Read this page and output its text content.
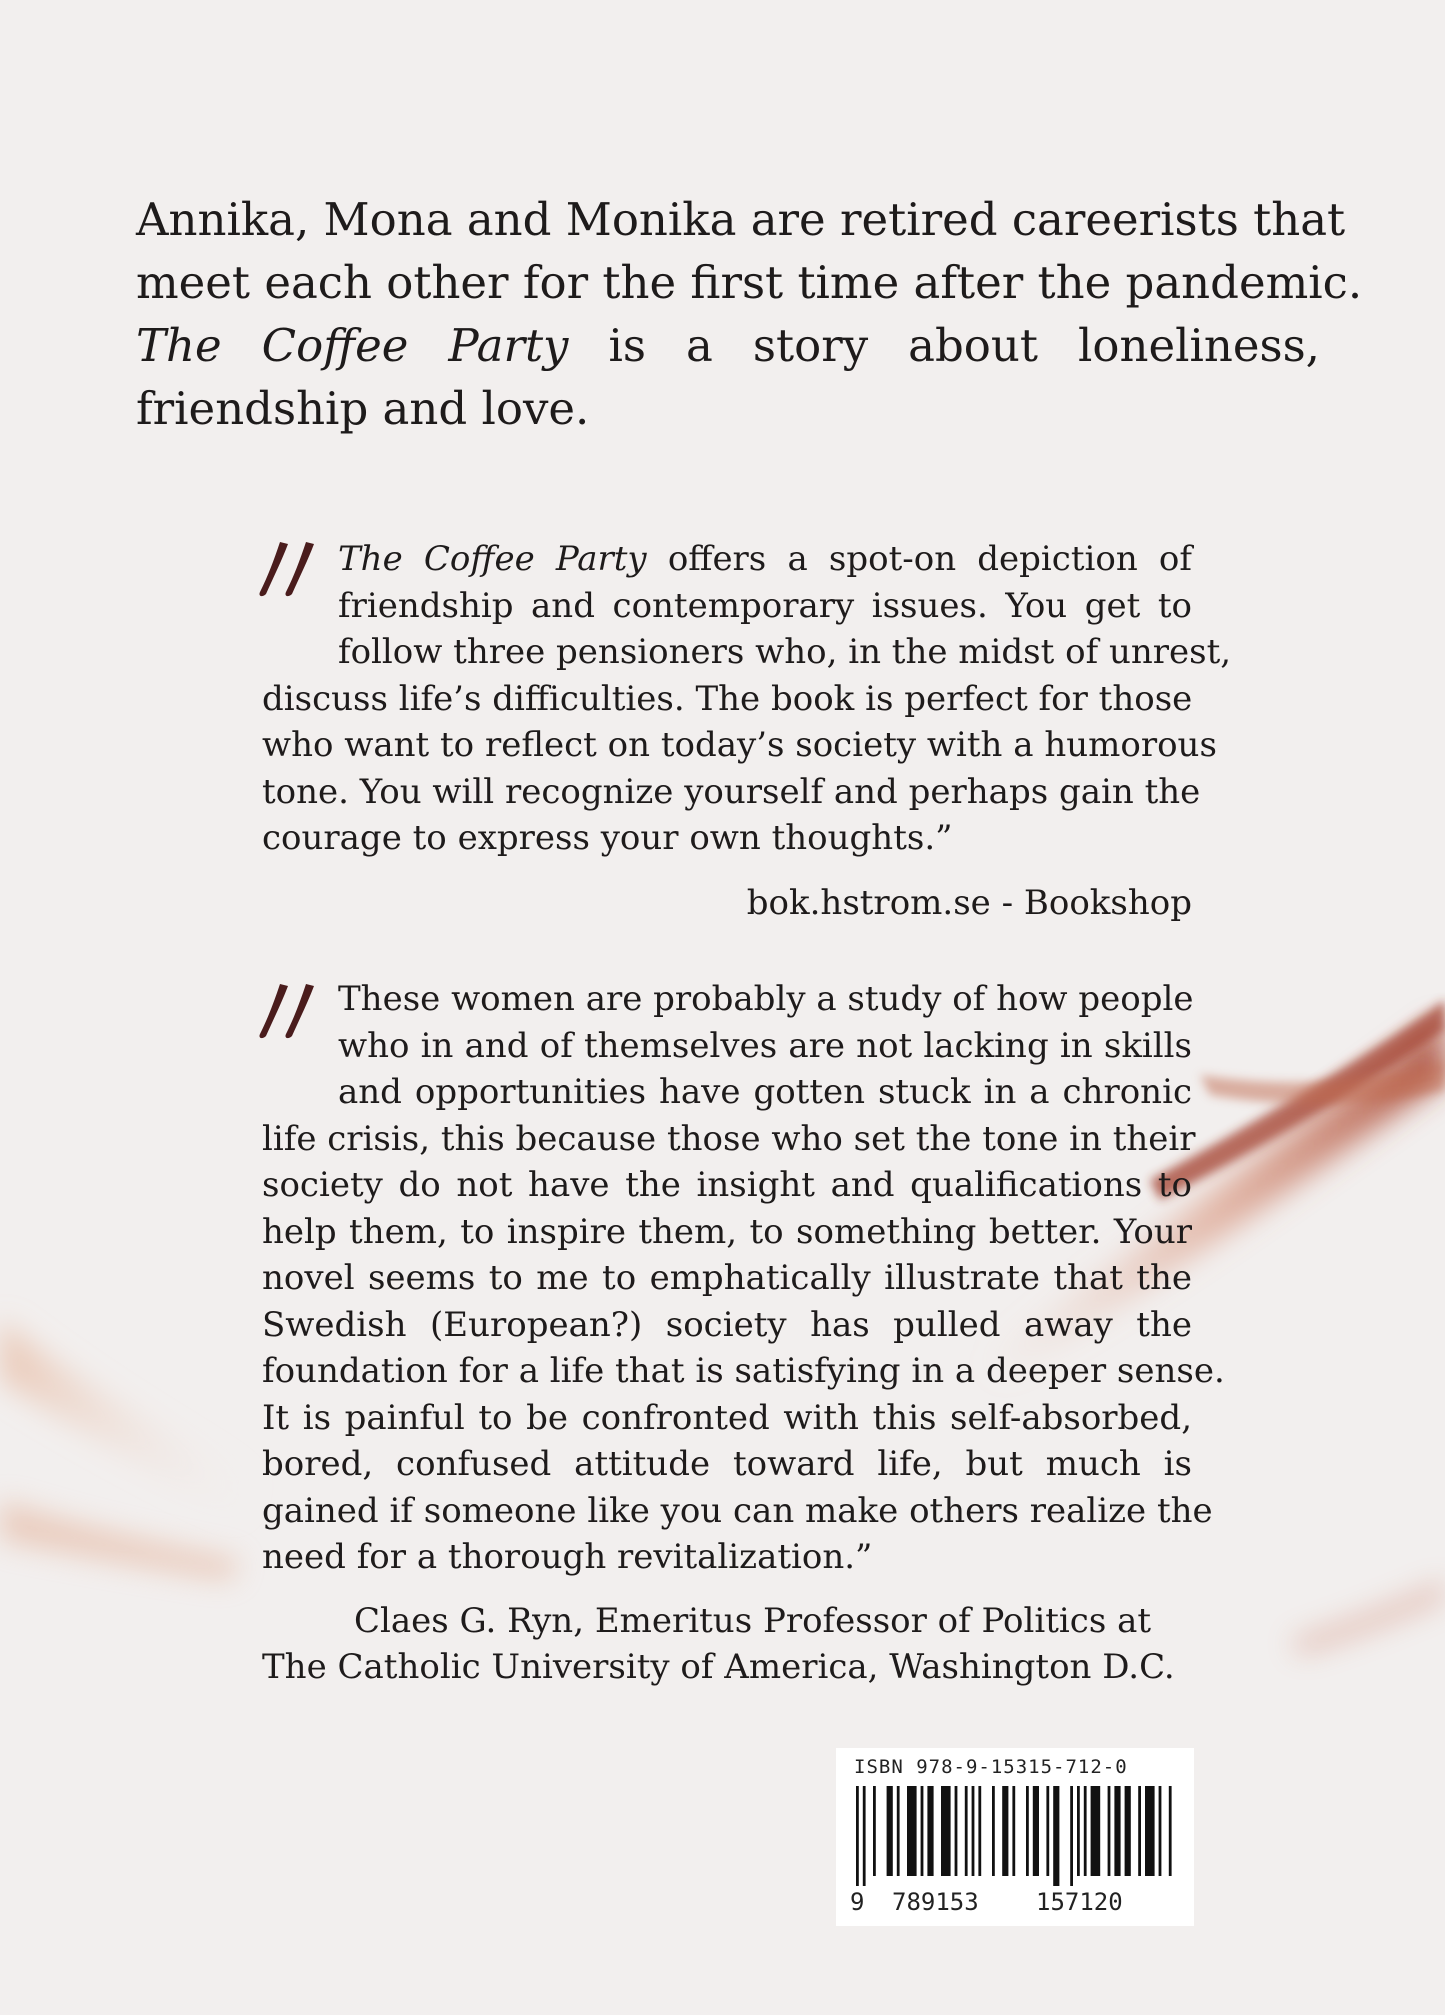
Annika, Mona and Monika are retired careerists that
meet each other for the first time after the pandemic.
The Coffee Party is a story about loneliness,
friendship and love.

The Coffee Party offers a spot-on depiction of
friendship and contemporary issues. You get to
follow three pensioners who, in the midst of unrest,
discuss life’s difficulties. The book is perfect for those
who want to reflect on today’s society with a humorous
tone. You will recognize yourself and perhaps gain the
courage to express your own thoughts.”
bok.hstrom.se - Bookshop
These women are probably a study of how people
who in and of themselves are not lacking in skills
and opportunities have gotten stuck in a chronic
life crisis, this because those who set the tone in their
society do not have the insight and qualifications to
help them, to inspire them, to something better. Your
novel seems to me to emphatically illustrate that the
Swedish (European?) society has pulled away the
foundation for a life that is satisfying in a deeper sense.
It is painful to be confronted with this self-absorbed,
bored, confused attitude toward life, but much is
gained if someone like you can make others realize the
need for a thorough revitalization.”
Claes G. Ryn, Emeritus Professor of Politics at
The Catholic University of America, Washington D.C.
ISBN 978-9-15315-712-0
9 789153 157120
